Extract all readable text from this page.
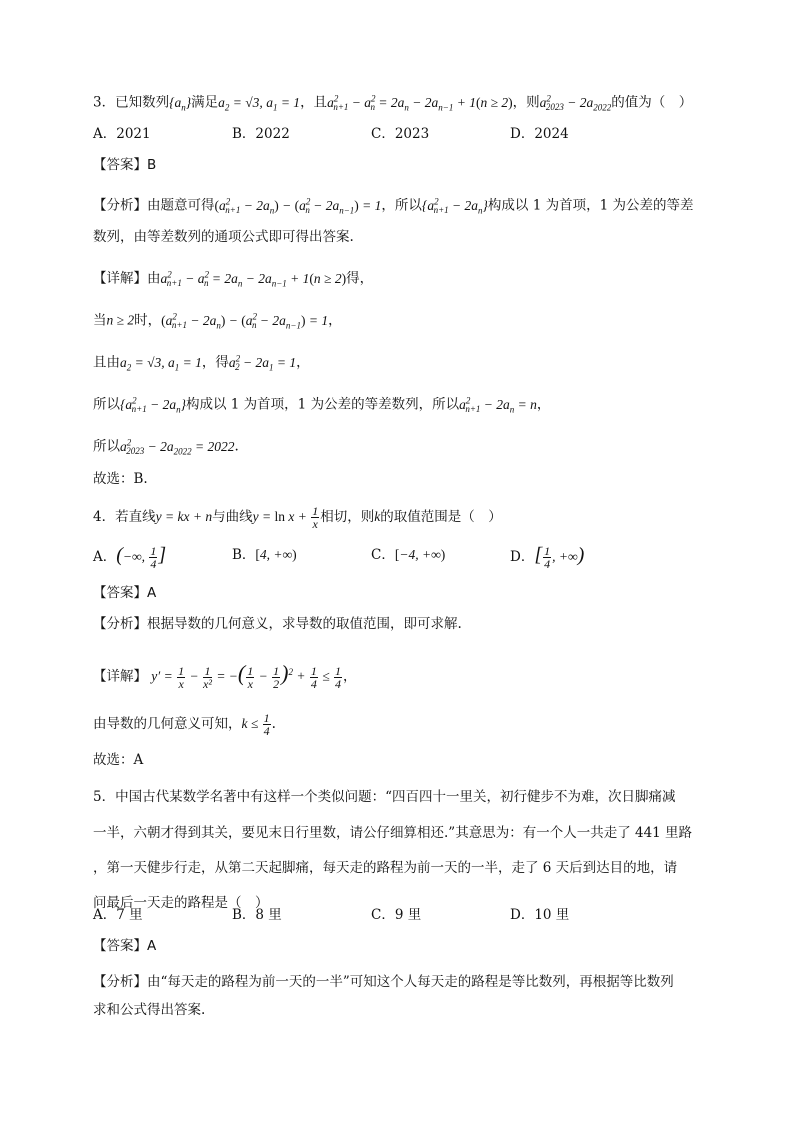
3．已知数列$\{a_n\}$满足$a_2 = √3$, $a_1 = 1$，且$a^2_{n+1} - a^2_n = 2a_n - 2a_{n-1} + 1(n \ge 2)$，则$a^2_{2023} - 2a_{2022}$的值为（　）
A．2021	B．2022	C．2023	D．2024
【答案】B
【分析】由题意可得$(a^2_{n+1} - 2a_n) - (a^2_n - 2a_{n-1}) = 1$，所以$\{a^2_{n+1} - 2a_n\}$构成以 1 为首项，1 为公差的等差
数列，由等差数列的通项公式即可得出答案.
【详解】由$a^2_{n+1} - a^2_n = 2a_n - 2a_{n-1} + 1(n \ge 2)$得，
当n ≥ 2时，$(a^2_{n+1} - 2a_n) - (a^2_n - 2a_{n-1}) = 1$，
且由$a_2 = √3$, $a_1 = 1$，得$a^2_2 - 2a_1 = 1$，
所以$\{a^2_{n+1} - 2a_n\}$构成以 1 为首项，1 为公差的等差数列，所以$a^2_{n+1} - 2a_n = n$，
所以$a^2_{2023} - 2a_{2022} = 2022$.
故选：B.
4．若直线y = kx + n与曲线$y = \ln x + \frac{1}{x}$ 相切，则k的取值范围是（　）
A．(−∞, $\frac{1}{4}$ ]	B．[4, +∞)	C．[−4, +∞)	D．[ $\frac{1}{4}$ , +∞)
【答案】A
【分析】根据导数的几何意义，求导数的取值范围，即可求解.
【详解】 $y' = \frac{1}{x} - \frac{1}{\text{x²}}$ = −( $\frac{1}{x} - \frac{1}{2} )^2 + \frac{1}{4} \le \frac{1}{4}$ ，
由导数的几何意义可知，$k \le \frac{1}{4}$ .
故选：A
5．中国古代某数学名著中有这样一个类似问题：“四百四十一里关，初行健步不为难，次日脚痛减
一半，六朝才得到其关，要见末日行里数，请公仔细算相还.”其意思为：有一个人一共走了 441 里路
，第一天健步行走，从第二天起脚痛，每天走的路程为前一天的一半，走了 6 天后到达目的地，请
问最后一天走的路程是（　）
A．7 里	B．8 里	C．9 里	D．10 里
【答案】A
【分析】由“每天走的路程为前一天的一半”可知这个人每天走的路程是等比数列，再根据等比数列
求和公式得出答案.
